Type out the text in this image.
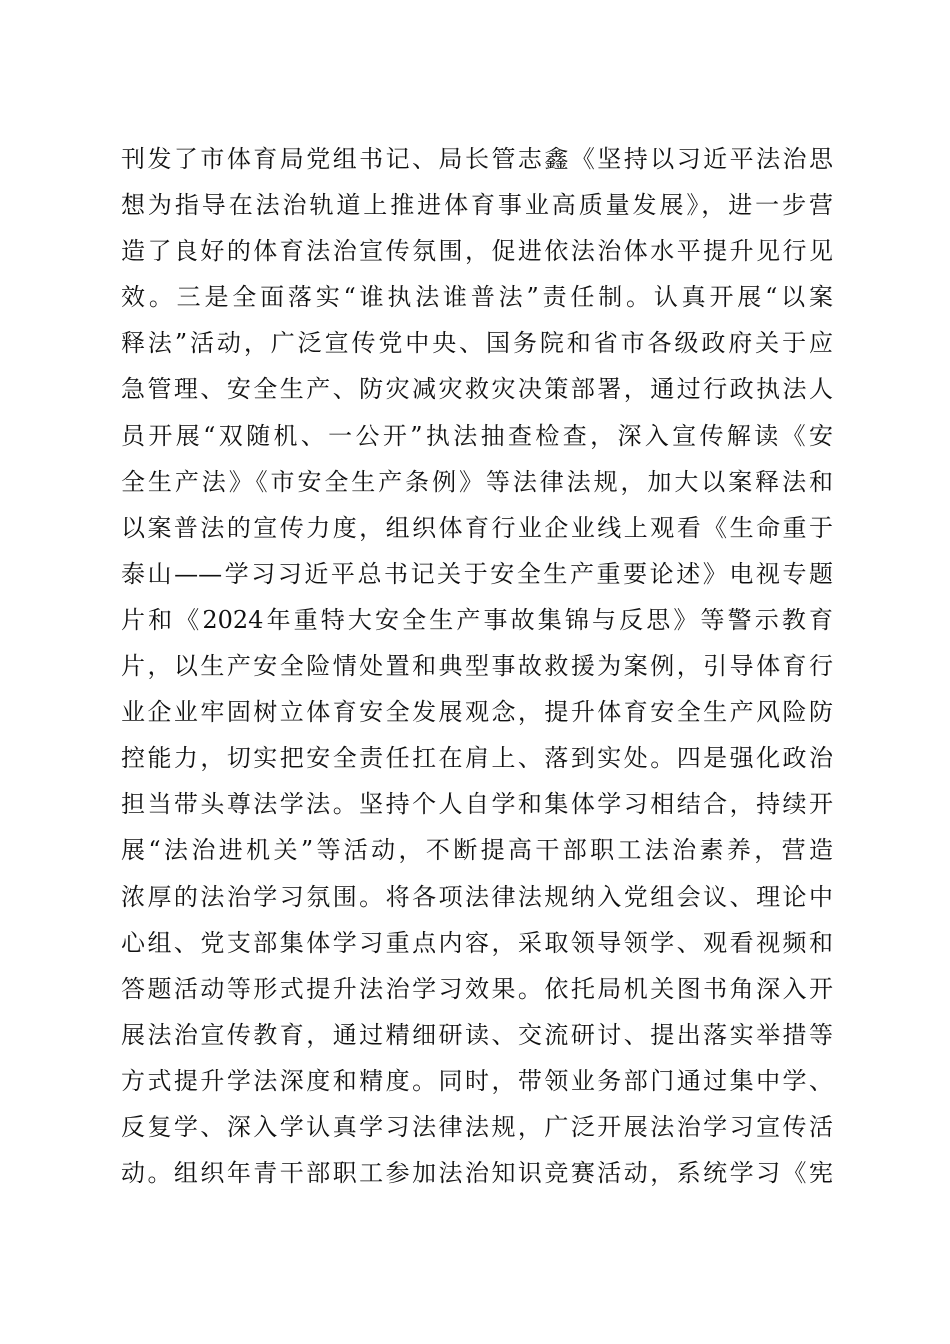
刊发了市体育局党组书记、局长管志鑫《坚持以习近平法治思
想为指导在法治轨道上推进体育事业高质量发展》，进一步营
造了良好的体育法治宣传氛围，促进依法治体水平提升见行见
效。三是全面落实“谁执法谁普法”责任制。认真开展“以案
释法”活动，广泛宣传党中央、国务院和省市各级政府关于应
急管理、安全生产、防灾减灾救灾决策部署，通过行政执法人
员开展“双随机、一公开”执法抽查检查，深入宣传解读《安
全生产法》《市安全生产条例》等法律法规，加大以案释法和
以案普法的宣传力度，组织体育行业企业线上观看《生命重于
泰山——学习习近平总书记关于安全生产重要论述》电视专题
片和《2024年重特大安全生产事故集锦与反思》等警示教育
片，以生产安全险情处置和典型事故救援为案例，引导体育行
业企业牢固树立体育安全发展观念，提升体育安全生产风险防
控能力，切实把安全责任扛在肩上、落到实处。四是强化政治
担当带头尊法学法。坚持个人自学和集体学习相结合，持续开
展“法治进机关”等活动，不断提高干部职工法治素养，营造
浓厚的法治学习氛围。将各项法律法规纳入党组会议、理论中
心组、党支部集体学习重点内容，采取领导领学、观看视频和
答题活动等形式提升法治学习效果。依托局机关图书角深入开
展法治宣传教育，通过精细研读、交流研讨、提出落实举措等
方式提升学法深度和精度。同时，带领业务部门通过集中学、
反复学、深入学认真学习法律法规，广泛开展法治学习宣传活
动。组织年青干部职工参加法治知识竞赛活动，系统学习《宪
